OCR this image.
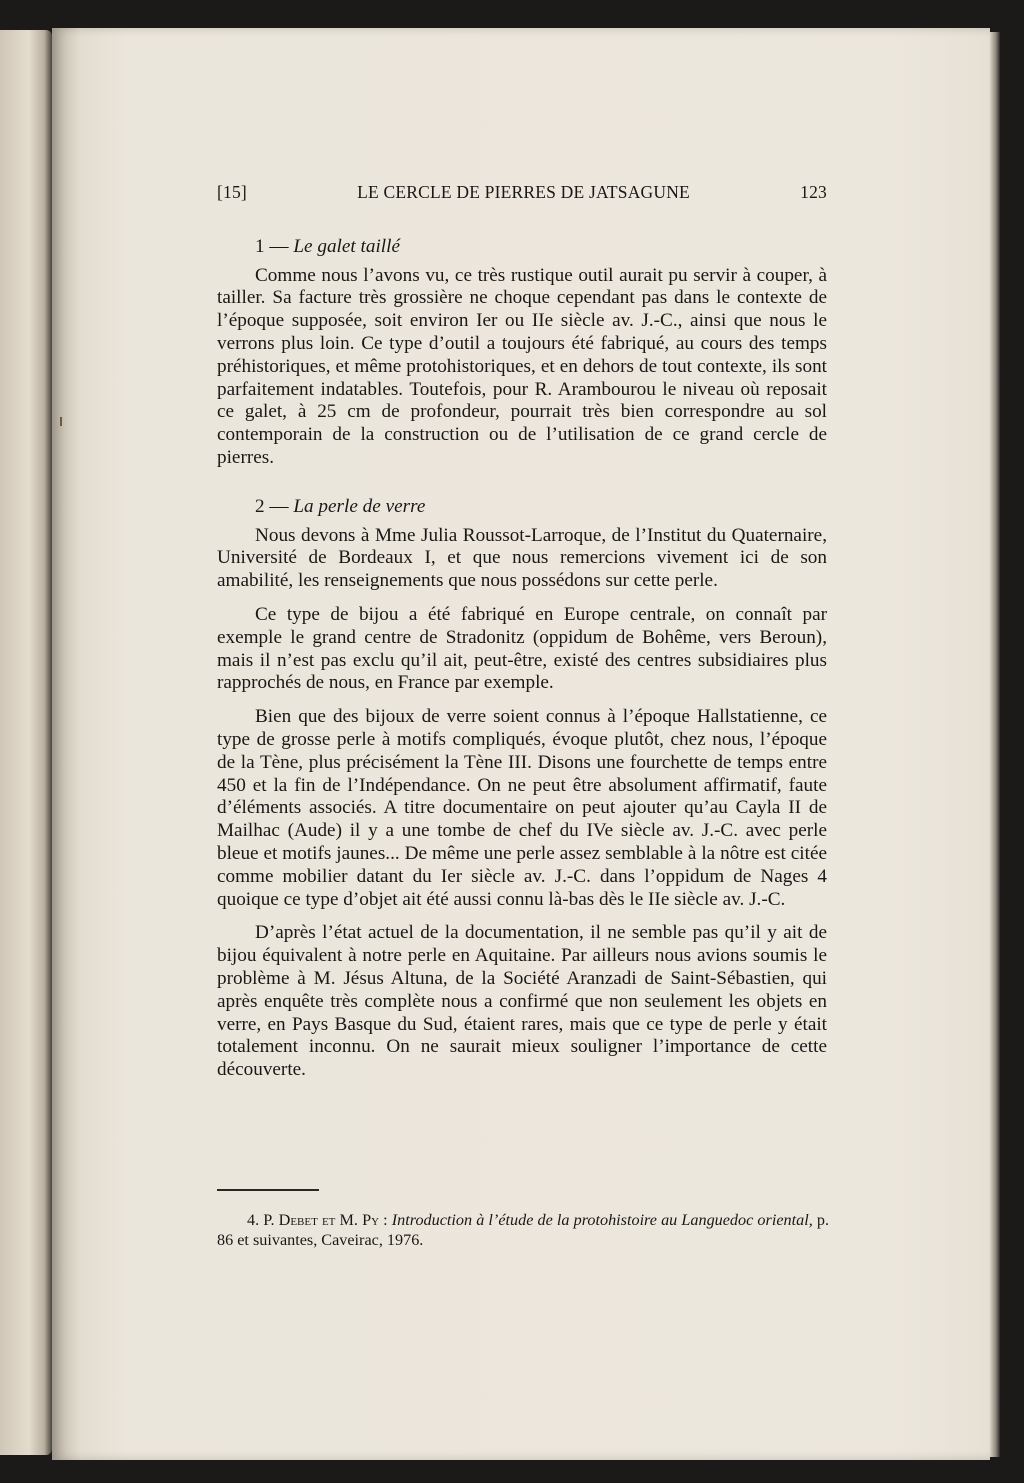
[15]	LE CERCLE DE PIERRES DE JATSAGUNE	123
1 — Le galet taillé

Comme nous l’avons vu, ce très rustique outil aurait pu servir à couper, à tailler. Sa facture très grossière ne choque cependant pas dans le contexte de l’époque supposée, soit environ Ier ou IIe siècle av. J.-C., ainsi que nous le verrons plus loin. Ce type d’outil a toujours été fabriqué, au cours des temps préhistoriques, et même protohistoriques, et en dehors de tout contexte, ils sont parfaitement indatables. Toutefois, pour R. Arambourou le niveau où reposait ce galet, à 25 cm de profondeur, pourrait très bien correspondre au sol contemporain de la construction ou de l’utilisation de ce grand cercle de pierres.

2 — La perle de verre

Nous devons à Mme Julia Roussot-Larroque, de l’Institut du Quaternaire, Université de Bordeaux I, et que nous remercions vivement ici de son amabilité, les renseignements que nous possédons sur cette perle.

Ce type de bijou a été fabriqué en Europe centrale, on connaît par exemple le grand centre de Stradonitz (oppidum de Bohême, vers Beroun), mais il n’est pas exclu qu’il ait, peut-être, existé des centres subsidiaires plus rapprochés de nous, en France par exemple.

Bien que des bijoux de verre soient connus à l’époque Hallstatienne, ce type de grosse perle à motifs compliqués, évoque plutôt, chez nous, l’époque de la Tène, plus précisément la Tène III. Disons une fourchette de temps entre 450 et la fin de l’Indépendance. On ne peut être absolument affirmatif, faute d’éléments associés. A titre documentaire on peut ajouter qu’au Cayla II de Mailhac (Aude) il y a une tombe de chef du IVe siècle av. J.-C. avec perle bleue et motifs jaunes... De même une perle assez semblable à la nôtre est citée comme mobilier datant du Ier siècle av. J.-C. dans l’oppidum de Nages 4 quoique ce type d’objet ait été aussi connu là-bas dès le IIe siècle av. J.-C.

D’après l’état actuel de la documentation, il ne semble pas qu’il y ait de bijou équivalent à notre perle en Aquitaine. Par ailleurs nous avions soumis le problème à M. Jésus Altuna, de la Société Aranzadi de Saint-Sébastien, qui après enquête très complète nous a confirmé que non seulement les objets en verre, en Pays Basque du Sud, étaient rares, mais que ce type de perle y était totalement inconnu. On ne saurait mieux souligner l’importance de cette découverte.

4. P. Debet et M. Py : Introduction à l’étude de la protohistoire au Languedoc oriental, p. 86 et suivantes, Caveirac, 1976.
